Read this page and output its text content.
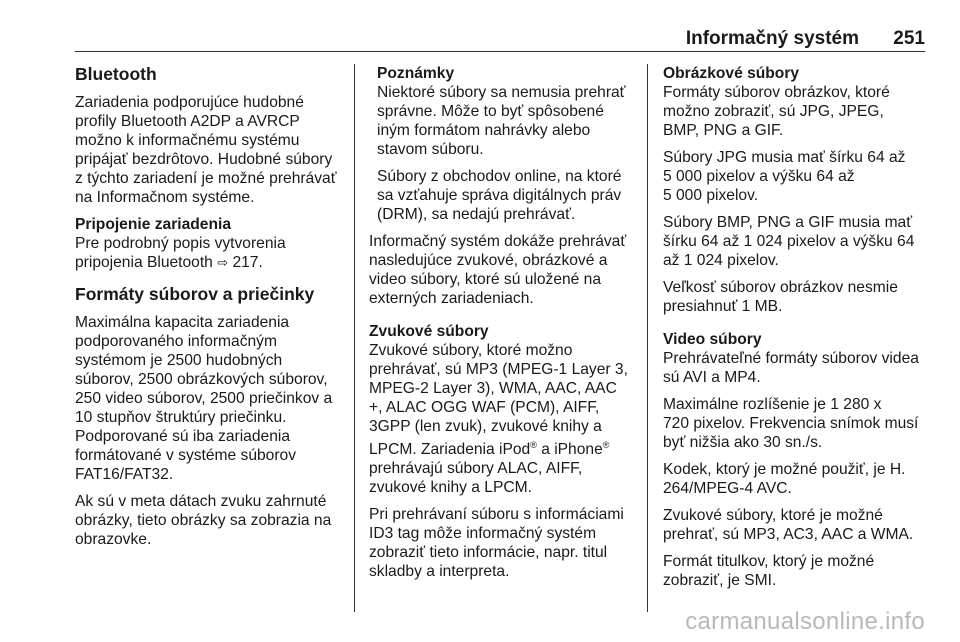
Informačný systém 251
Bluetooth

Zariadenia podporujúce hudobné
profily Bluetooth A2DP a AVRCP
možno k informačnému systému
pripájať bezdrôtovo. Hudobné súbory
z týchto zariadení je možné prehrávať
na Informačnom systéme.

Pripojenie zariadenia

Pre podrobný popis vytvorenia
pripojenia Bluetooth ⇨ 217.

Formáty súborov a priečinky

Maximálna kapacita zariadenia
podporovaného informačným
systémom je 2500 hudobných
súborov, 2500 obrázkových súborov,
250 video súborov, 2500 priečinkov a
10 stupňov štruktúry priečinku.
Podporované sú iba zariadenia
formátované v systéme súborov
FAT16/FAT32.

Ak sú v meta dátach zvuku zahrnuté
obrázky, tieto obrázky sa zobrazia na
obrazovke.

Poznámky

Niektoré súbory sa nemusia prehrať
správne. Môže to byť spôsobené
iným formátom nahrávky alebo
stavom súboru.

Súbory z obchodov online, na ktoré
sa vzťahuje správa digitálnych práv
(DRM), sa nedajú prehrávať.

Informačný systém dokáže prehrávať
nasledujúce zvukové, obrázkové a
video súbory, ktoré sú uložené na
externých zariadeniach.

Zvukové súbory

Zvukové súbory, ktoré možno
prehrávať, sú MP3 (MPEG-1 Layer 3,
MPEG-2 Layer 3), WMA, AAC, AAC
+, ALAC OGG WAF (PCM), AIFF,
3GPP (len zvuk), zvukové knihy a
LPCM. Zariadenia iPod® a iPhone®
prehrávajú súbory ALAC, AIFF,
zvukové knihy a LPCM.

Pri prehrávaní súboru s informáciami
ID3 tag môže informačný systém
zobraziť tieto informácie, napr. titul
skladby a interpreta.

Obrázkové súbory

Formáty súborov obrázkov, ktoré
možno zobraziť, sú JPG, JPEG,
BMP, PNG a GIF.

Súbory JPG musia mať šírku 64 až
5 000 pixelov a výšku 64 až
5 000 pixelov.

Súbory BMP, PNG a GIF musia mať
šírku 64 až 1 024 pixelov a výšku 64
až 1 024 pixelov.

Veľkosť súborov obrázkov nesmie
presiahnuť 1 MB.

Video súbory

Prehrávateľné formáty súborov videa
sú AVI a MP4.

Maximálne rozlíšenie je 1 280 x
720 pixelov. Frekvencia snímok musí
byť nižšia ako 30 sn./s.

Kodek, ktorý je možné použiť, je H.
264/MPEG-4 AVC.

Zvukové súbory, ktoré je možné
prehrať, sú MP3, AC3, AAC a WMA.

Formát titulkov, ktorý je možné
zobraziť, je SMI.

carmanualsonline.info
